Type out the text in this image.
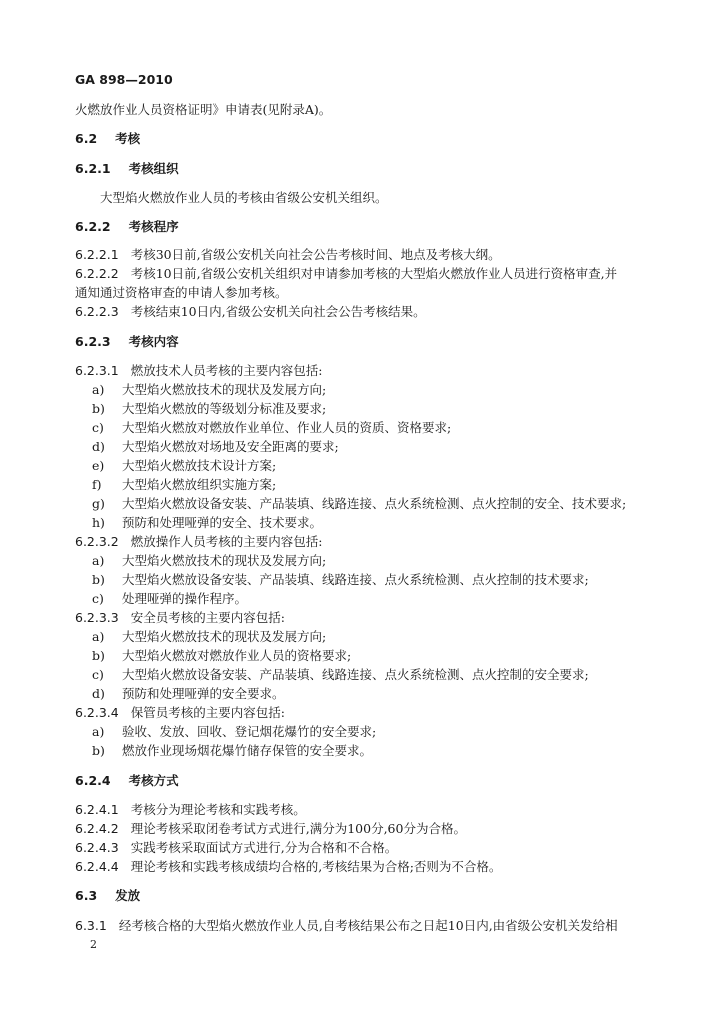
GA 898—2010
火燃放作业人员资格证明》申请表(见附录A)。
6.2 考核
6.2.1 考核组织
大型焰火燃放作业人员的考核由省级公安机关组织。
6.2.2 考核程序
6.2.2.1 考核30日前,省级公安机关向社会公告考核时间、地点及考核大纲。
6.2.2.2 考核10日前,省级公安机关组织对申请参加考核的大型焰火燃放作业人员进行资格审查,并
通知通过资格审查的申请人参加考核。
6.2.2.3 考核结束10日内,省级公安机关向社会公告考核结果。
6.2.3 考核内容
6.2.3.1 燃放技术人员考核的主要内容包括:
a) 大型焰火燃放技术的现状及发展方向;
b) 大型焰火燃放的等级划分标准及要求;
c) 大型焰火燃放对燃放作业单位、作业人员的资质、资格要求;
d) 大型焰火燃放对场地及安全距离的要求;
e) 大型焰火燃放技术设计方案;
f) 大型焰火燃放组织实施方案;
g) 大型焰火燃放设备安装、产品装填、线路连接、点火系统检测、点火控制的安全、技术要求;
h) 预防和处理哑弹的安全、技术要求。
6.2.3.2 燃放操作人员考核的主要内容包括:
a) 大型焰火燃放技术的现状及发展方向;
b) 大型焰火燃放设备安装、产品装填、线路连接、点火系统检测、点火控制的技术要求;
c) 处理哑弹的操作程序。
6.2.3.3 安全员考核的主要内容包括:
a) 大型焰火燃放技术的现状及发展方向;
b) 大型焰火燃放对燃放作业人员的资格要求;
c) 大型焰火燃放设备安装、产品装填、线路连接、点火系统检测、点火控制的安全要求;
d) 预防和处理哑弹的安全要求。
6.2.3.4 保管员考核的主要内容包括:
a) 验收、发放、回收、登记烟花爆竹的安全要求;
b) 燃放作业现场烟花爆竹储存保管的安全要求。
6.2.4 考核方式
6.2.4.1 考核分为理论考核和实践考核。
6.2.4.2 理论考核采取闭卷考试方式进行,满分为100分,60分为合格。
6.2.4.3 实践考核采取面试方式进行,分为合格和不合格。
6.2.4.4 理论考核和实践考核成绩均合格的,考核结果为合格;否则为不合格。
6.3 发放
6.3.1 经考核合格的大型焰火燃放作业人员,自考核结果公布之日起10日内,由省级公安机关发给相
2
